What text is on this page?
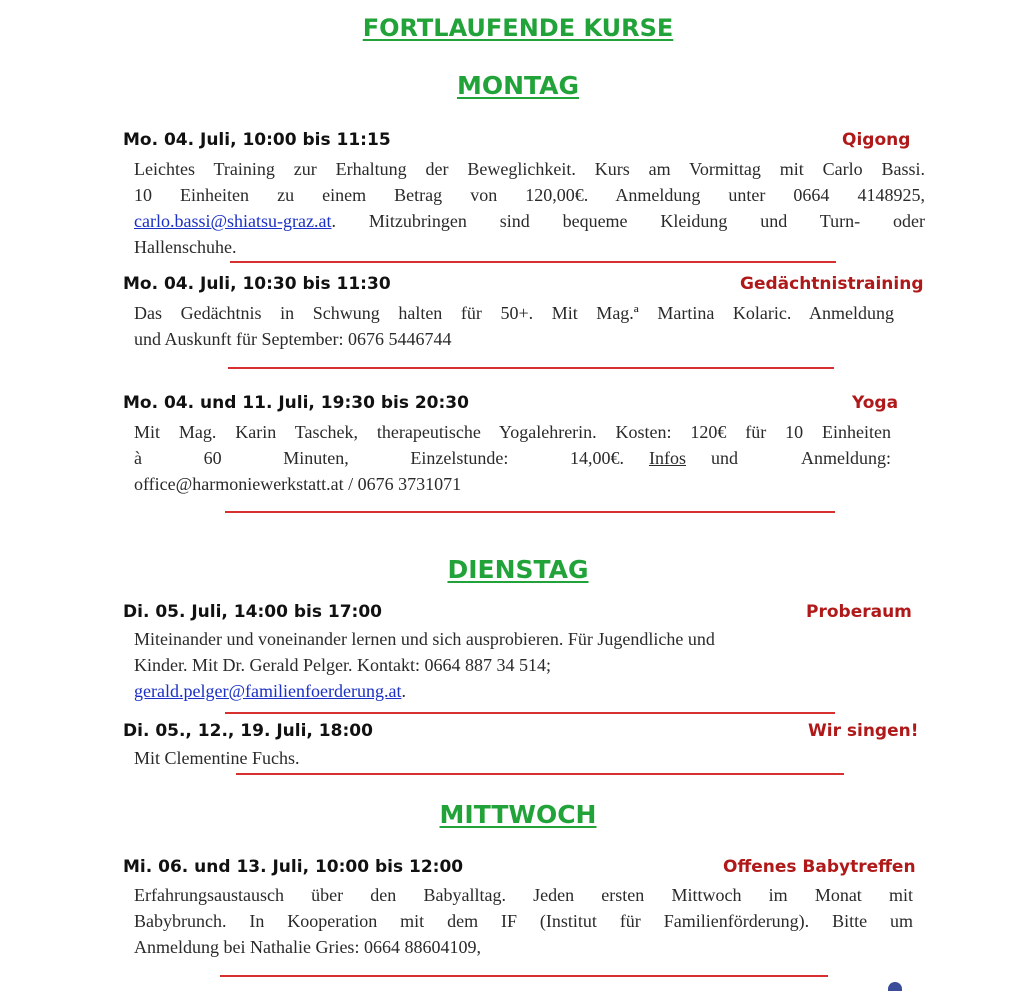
FORTLAUFENDE KURSE
MONTAG
Mo. 04. Juli, 10:00 bis 11:15	Qigong
Leichtes Training zur Erhaltung der Beweglichkeit. Kurs am Vormittag mit Carlo Bassi.
10 Einheiten zu einem Betrag von 120,00€. Anmeldung unter 0664 4148925,
carlo.bassi@shiatsu-graz.at . Mitzubringen sind bequeme Kleidung und Turn- oder
Hallenschuhe.
Mo. 04. Juli, 10:30 bis 11:30	Gedächtnistraining
Das Gedächtnis in Schwung halten für 50+. Mit Mag.ª Martina Kolaric. Anmeldung
und Auskunft für September: 0676 5446744
Mo. 04. und 11. Juli, 19:30 bis 20:30	Yoga
Mit Mag. Karin Taschek, therapeutische Yogalehrerin. Kosten: 120€ für 10 Einheiten
à 60 Minuten, Einzelstunde: 14,00€. Infos und Anmeldung:
office@harmoniewerkstatt.at / 0676 3731071
DIENSTAG
Di. 05. Juli, 14:00 bis 17:00	Proberaum
Miteinander und voneinander lernen und sich ausprobieren. Für Jugendliche und
Kinder. Mit Dr. Gerald Pelger. Kontakt: 0664 887 34 514;
gerald.pelger@familienfoerderung.at.
Di. 05., 12., 19. Juli, 18:00	Wir singen!
Mit Clementine Fuchs.
MITTWOCH
Mi. 06. und 13. Juli, 10:00 bis 12:00	Offenes Babytreffen
Erfahrungsaustausch über den Babyalltag. Jeden ersten Mittwoch im Monat mit
Babybrunch. In Kooperation mit dem IF (Institut für Familienförderung). Bitte um
Anmeldung bei Nathalie Gries: 0664 88604109,
